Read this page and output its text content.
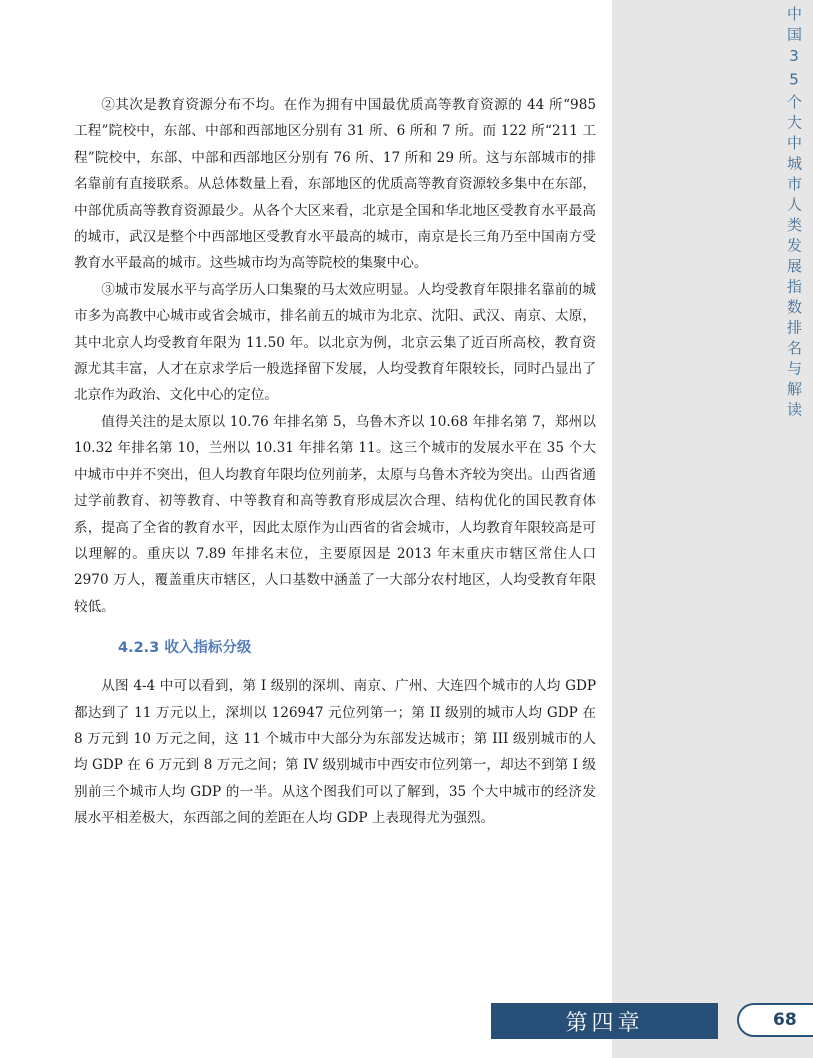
中国35个大中城市人类发展指数排名与解读

②其次是教育资源分布不均。在作为拥有中国最优质高等教育资源的 44 所“985 工程”院校中，东部、中部和西部地区分别有 31 所、6 所和 7 所。而 122 所“211 工程”院校中，东部、中部和西部地区分别有 76 所、17 所和 29 所。这与东部城市的排名靠前有直接联系。从总体数量上看，东部地区的优质高等教育资源较多集中在东部，中部优质高等教育资源最少。从各个大区来看，北京是全国和华北地区受教育水平最高的城市，武汉是整个中西部地区受教育水平最高的城市，南京是长三角乃至中国南方受教育水平最高的城市。这些城市均为高等院校的集聚中心。

③城市发展水平与高学历人口集聚的马太效应明显。人均受教育年限排名靠前的城市多为高教中心城市或省会城市，排名前五的城市为北京、沈阳、武汉、南京、太原，其中北京人均受教育年限为 11.50 年。以北京为例，北京云集了近百所高校，教育资源尤其丰富，人才在京求学后一般选择留下发展，人均受教育年限较长，同时凸显出了北京作为政治、文化中心的定位。

值得关注的是太原以 10.76 年排名第 5，乌鲁木齐以 10.68 年排名第 7，郑州以 10.32 年排名第 10，兰州以 10.31 年排名第 11。这三个城市的发展水平在 35 个大中城市中并不突出，但人均教育年限均位列前茅，太原与乌鲁木齐较为突出。山西省通过学前教育、初等教育、中等教育和高等教育形成层次合理、结构优化的国民教育体系，提高了全省的教育水平，因此太原作为山西省的省会城市，人均教育年限较高是可以理解的。重庆以 7.89 年排名末位，主要原因是 2013 年末重庆市辖区常住人口 2970 万人，覆盖重庆市辖区，人口基数中涵盖了一大部分农村地区，人均受教育年限较低。

4.2.3 收入指标分级

从图 4-4 中可以看到，第 I 级别的深圳、南京、广州、大连四个城市的人均 GDP 都达到了 11 万元以上，深圳以 126947 元位列第一；第 II 级别的城市人均 GDP 在 8 万元到 10 万元之间，这 11 个城市中大部分为东部发达城市；第 III 级别城市的人均 GDP 在 6 万元到 8 万元之间；第 IV 级别城市中西安市位列第一，却达不到第 I 级别前三个城市人均 GDP 的一半。从这个图我们可以了解到，35 个大中城市的经济发展水平相差极大，东西部之间的差距在人均 GDP 上表现得尤为强烈。

第四章	68
